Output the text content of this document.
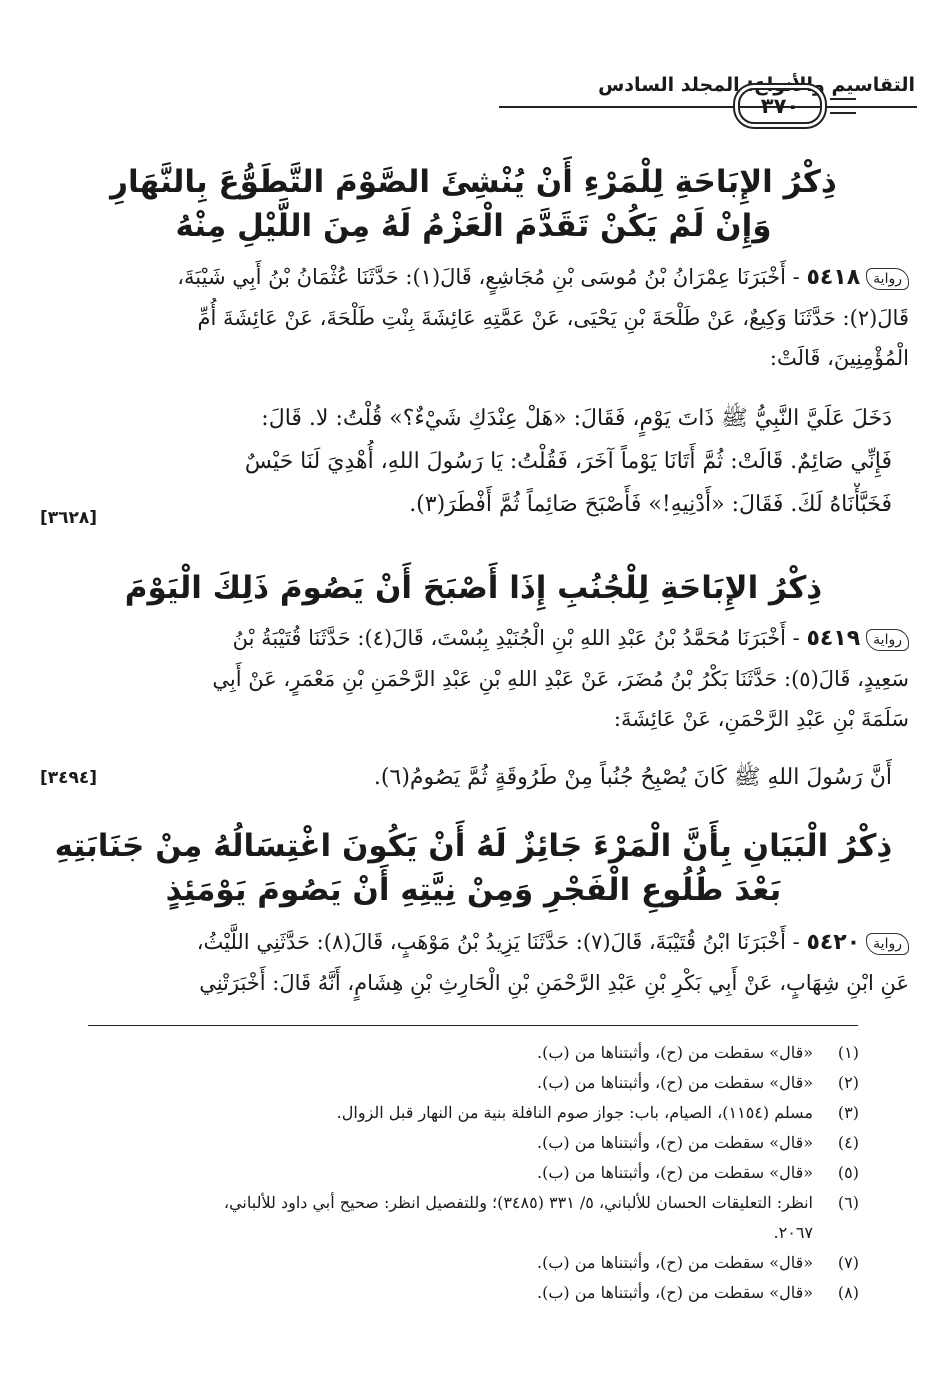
التقاسيم والأنواع: المجلد السادس
٣٧٠
ذِكْرُ الإِبَاحَةِ لِلْمَرْءِ أَنْ يُنْشِئَ الصَّوْمَ التَّطَوُّعَ بِالنَّهَارِ
وَإِنْ لَمْ يَكُنْ تَقَدَّمَ الْعَزْمُ لَهُ مِنَ اللَّيْلِ مِنْهُ
رواية٥٤١٨ - أَخْبَرَنَا عِمْرَانُ بْنُ مُوسَى بْنِ مُجَاشِعٍ، قَالَ(١): حَدَّثَنَا عُثْمَانُ بْنُ أَبِي شَيْبَةَ،
قَالَ(٢): حَدَّثَنَا وَكِيعٌ، عَنْ طَلْحَةَ بْنِ يَحْيَى، عَنْ عَمَّتِهِ عَائِشَةَ بِنْتِ طَلْحَةَ، عَنْ عَائِشَةَ أُمِّ
الْمُؤْمِنِينَ، قَالَتْ:
دَخَلَ عَلَيَّ النَّبِيُّ ﷺ ذَاتَ يَوْمٍ، فَقَالَ: «هَلْ عِنْدَكِ شَيْءٌ؟» قُلْتُ: لا. قَالَ:
فَإِنِّي صَائِمٌ. قَالَتْ: ثُمَّ أَتَانَا يَوْماً آخَرَ، فَقُلْتُ: يَا رَسُولَ اللهِ، أُهْدِيَ لَنَا حَيْسٌ
فَخَبَّأْنَاهُ لَكَ. فَقَالَ: «أَدْنِيهِ!» فَأَصْبَحَ صَائِماً ثُمَّ أَفْطَرَ(٣).
[٣٦٢٨]
ذِكْرُ الإِبَاحَةِ لِلْجُنُبِ إِذَا أَصْبَحَ أَنْ يَصُومَ ذَلِكَ الْيَوْمَ
رواية٥٤١٩ - أَخْبَرَنَا مُحَمَّدُ بْنُ عَبْدِ اللهِ بْنِ الْجُنَيْدِ بِبُسْتَ، قَالَ(٤): حَدَّثَنَا قُتَيْبَةُ بْنُ
سَعِيدٍ، قَالَ(٥): حَدَّثَنَا بَكْرُ بْنُ مُضَرَ، عَنْ عَبْدِ اللهِ بْنِ عَبْدِ الرَّحْمَنِ بْنِ مَعْمَرٍ، عَنْ أَبِي
سَلَمَةَ بْنِ عَبْدِ الرَّحْمَنِ، عَنْ عَائِشَةَ:
أَنَّ رَسُولَ اللهِ ﷺ كَانَ يُصْبِحُ جُنُباً مِنْ طَرُوقَةٍ ثُمَّ يَصُومُ(٦).
[٣٤٩٤]
ذِكْرُ الْبَيَانِ بِأَنَّ الْمَرْءَ جَائِزٌ لَهُ أَنْ يَكُونَ اغْتِسَالُهُ مِنْ جَنَابَتِهِ
بَعْدَ طُلُوعِ الْفَجْرِ وَمِنْ نِيَّتِهِ أَنْ يَصُومَ يَوْمَئِذٍ
رواية٥٤٢٠ - أَخْبَرَنَا ابْنُ قُتَيْبَةَ، قَالَ(٧): حَدَّثَنَا يَزِيدُ بْنُ مَوْهَبٍ، قَالَ(٨): حَدَّثَنِي اللَّيْثُ،
عَنِ ابْنِ شِهَابٍ، عَنْ أَبِي بَكْرِ بْنِ عَبْدِ الرَّحْمَنِ بْنِ الْحَارِثِ بْنِ هِشَامٍ، أَنَّهُ قَالَ: أَخْبَرَتْنِي
(١)«قال» سقطت من (ح)، وأثبتناها من (ب).
(٢)«قال» سقطت من (ح)، وأثبتناها من (ب).
(٣)مسلم (١١٥٤)، الصيام، باب: جواز صوم النافلة بنية من النهار قبل الزوال.
(٤)«قال» سقطت من (ح)، وأثبتناها من (ب).
(٥)«قال» سقطت من (ح)، وأثبتناها من (ب).
(٦)انظر: التعليقات الحسان للألباني، ٥/ ٣٣١ (٣٤٨٥)؛ وللتفصيل انظر: صحيح أبي داود للألباني،
٢٠٦٧.
(٧)«قال» سقطت من (ح)، وأثبتناها من (ب).
(٨)«قال» سقطت من (ح)، وأثبتناها من (ب).
